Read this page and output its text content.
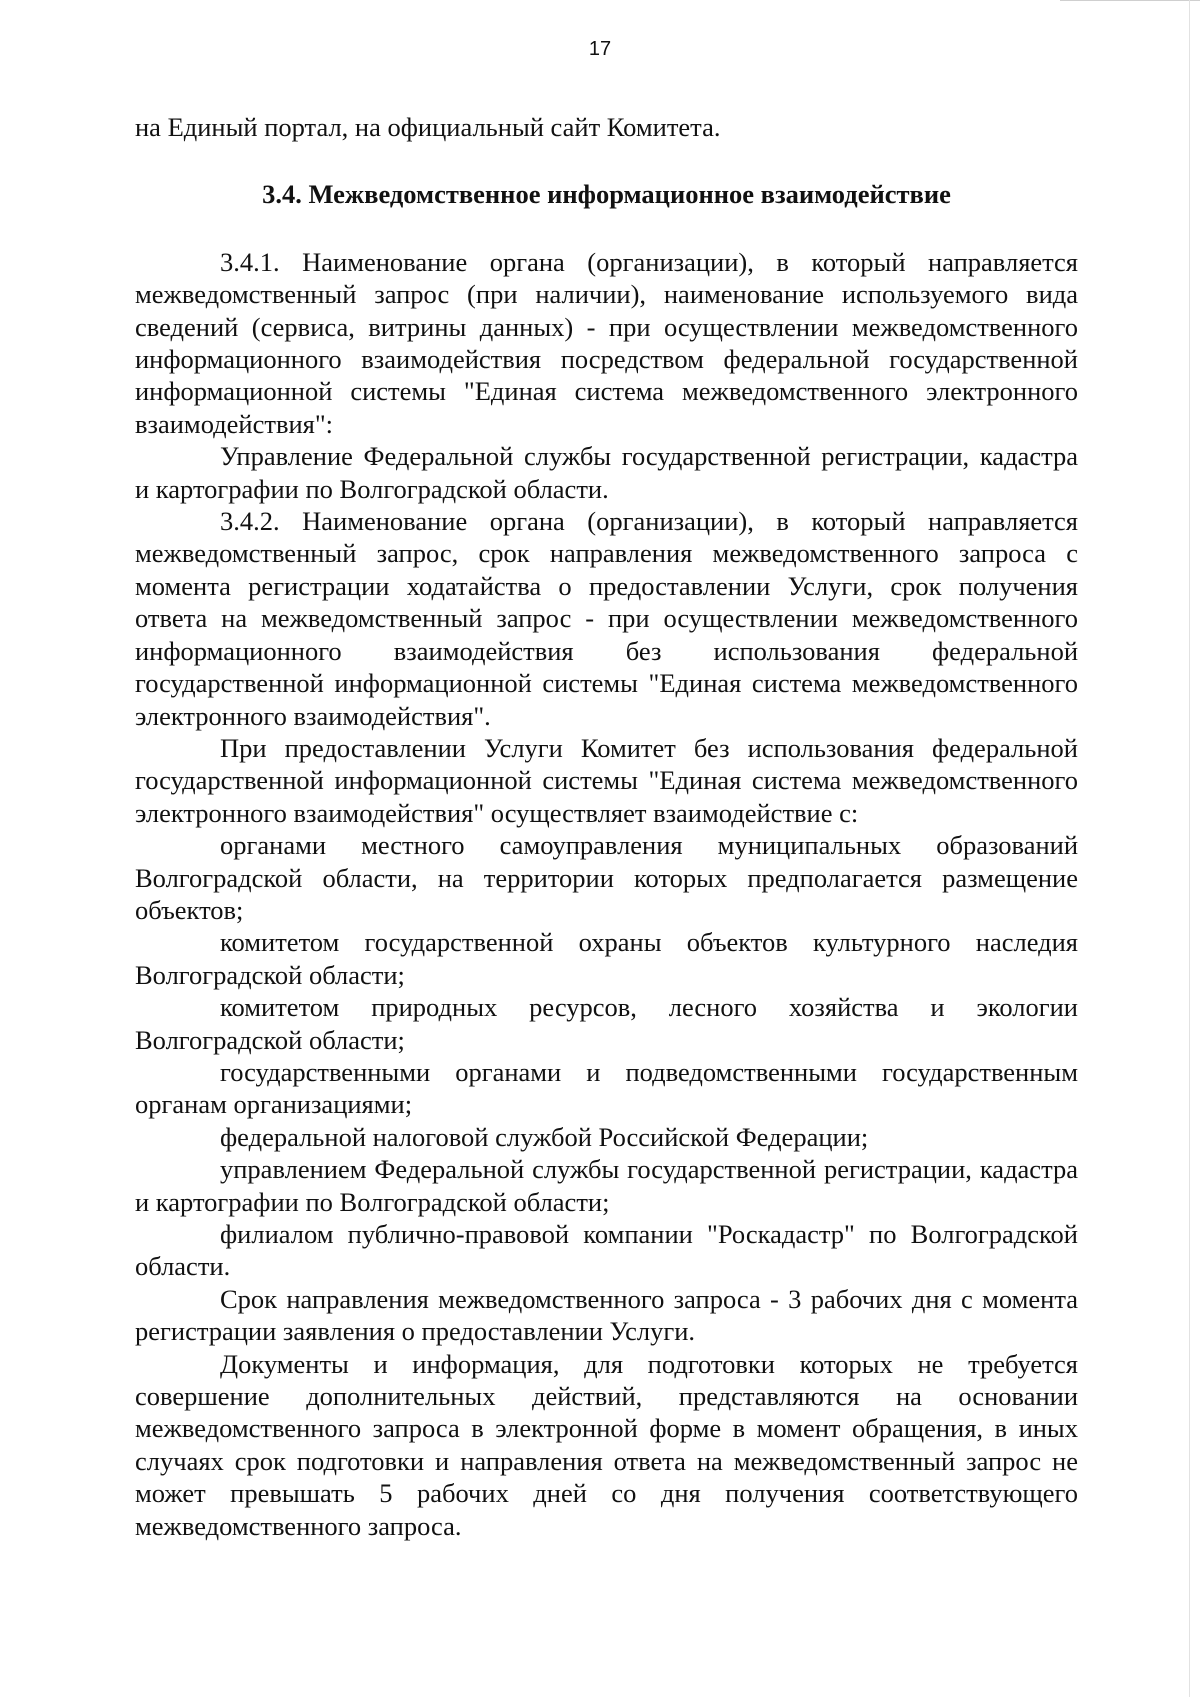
17

на Единый портал, на официальный сайт Комитета.

3.4. Межведомственное информационное взаимодействие

3.4.1. Наименование органа (организации), в который направляется межведомственный запрос (при наличии), наименование используемого вида сведений (сервиса, витрины данных) - при осуществлении межведомственного информационного взаимодействия посредством федеральной государственной информационной системы "Единая система межведомственного электронного взаимодействия":

Управление Федеральной службы государственной регистрации, кадастра и картографии по Волгоградской области.

3.4.2. Наименование органа (организации), в который направляется межведомственный запрос, срок направления межведомственного запроса с момента регистрации ходатайства о предоставлении Услуги, срок получения ответа на межведомственный запрос - при осуществлении межведомственного информационного взаимодействия без использования федеральной государственной информационной системы "Единая система межведомственного электронного взаимодействия".

При предоставлении Услуги Комитет без использования федеральной государственной информационной системы "Единая система межведомственного электронного взаимодействия" осуществляет взаимодействие с:

органами местного самоуправления муниципальных образований Волгоградской области, на территории которых предполагается размещение объектов;

комитетом государственной охраны объектов культурного наследия Волгоградской области;

комитетом природных ресурсов, лесного хозяйства и экологии Волгоградской области;

государственными органами и подведомственными государственным органам организациями;

федеральной налоговой службой Российской Федерации;

управлением Федеральной службы государственной регистрации, кадастра и картографии по Волгоградской области;

филиалом публично-правовой компании "Роскадастр" по Волгоградской области.

Срок направления межведомственного запроса - 3 рабочих дня с момента регистрации заявления о предоставлении Услуги.

Документы и информация, для подготовки которых не требуется совершение дополнительных действий, представляются на основании межведомственного запроса в электронной форме в момент обращения, в иных случаях срок подготовки и направления ответа на межведомственный запрос не может превышать 5 рабочих дней со дня получения соответствующего межведомственного запроса.
